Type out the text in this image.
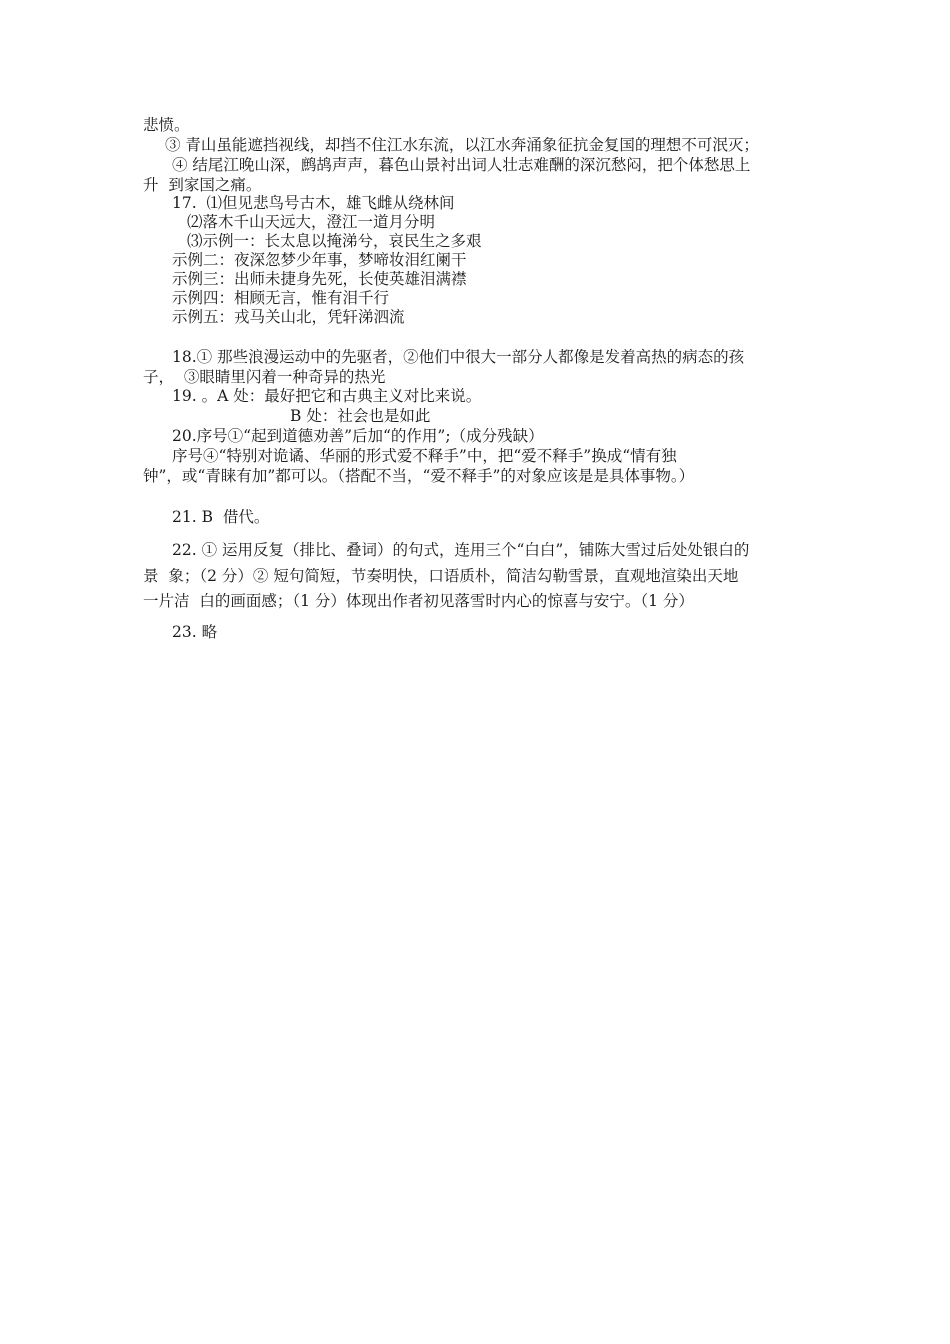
悲愤。
③ 青山虽能遮挡视线，却挡不住江水东流，以江水奔涌象征抗金复国的理想不可泯灭；
④ 结尾江晚山深，鹧鸪声声，暮色山景衬出词人壮志难酬的深沉愁闷，把个体愁思上
升  到家国之痛。
17.  ⑴但见悲鸟号古木，雄飞雌从绕林间
⑵落木千山天远大，澄江一道月分明
⑶示例一：长太息以掩涕兮，哀民生之多艰
示例二：夜深忽梦少年事，梦啼妆泪红阑干
示例三：出师未捷身先死，长使英雄泪满襟
示例四：相顾无言，惟有泪千行
示例五：戎马关山北，凭轩涕泗流
18.① 那些浪漫运动中的先驱者，②他们中很大一部分人都像是发着高热的病态的孩
子，  ③眼睛里闪着一种奇异的热光
19. 。A 处：最好把它和古典主义对比来说。
B 处：社会也是如此
20.序号①“起到道德劝善”后加“的作用”;（成分残缺）
序号④“特别对诡谲、华丽的形式爱不释手”中，把“爱不释手”换成“情有独
钟”，或“青睐有加”都可以。（搭配不当，“爱不释手”的对象应该是是具体事物。）
21. B  借代。
22. ① 运用反复（排比、叠词）的句式，连用三个“白白”，铺陈大雪过后处处银白的
景  象；（2 分）② 短句简短，节奏明快，口语质朴，简洁勾勒雪景，直观地渲染出天地
一片洁  白的画面感；（1 分）体现出作者初见落雪时内心的惊喜与安宁。（1 分）
23. 略
